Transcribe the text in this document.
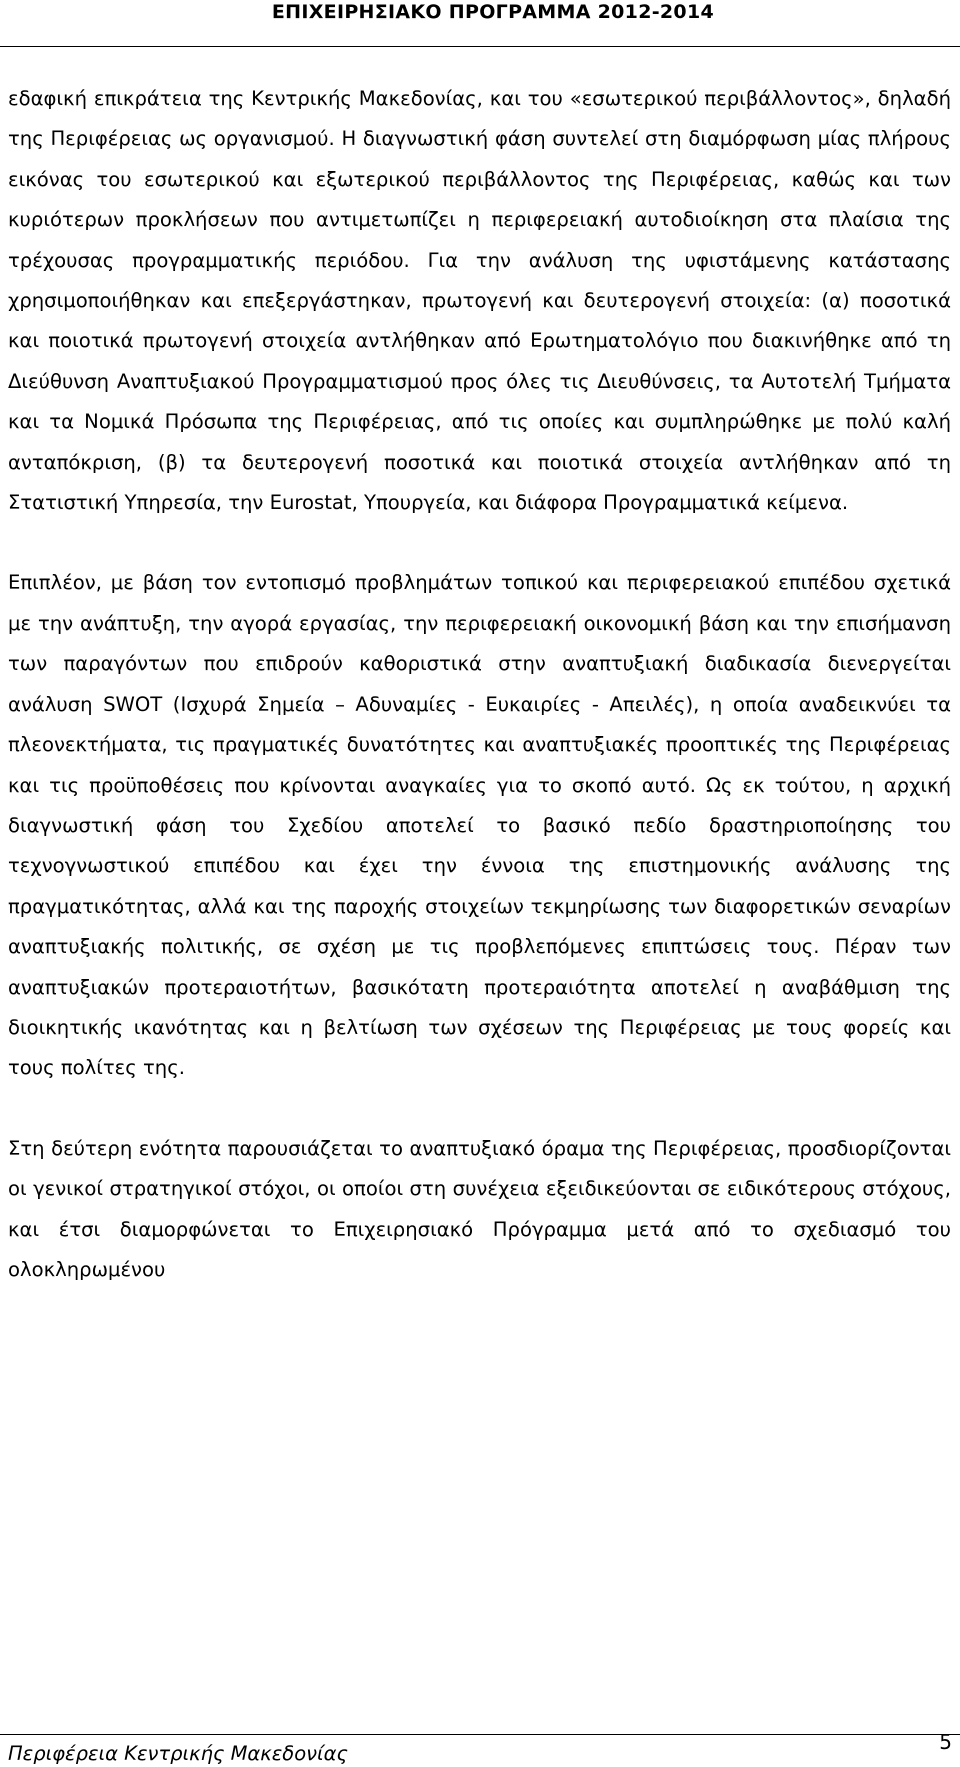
ΕΠΙΧΕΙΡΗΣΙΑΚΟ ΠΡΟΓΡΑΜΜΑ 2012-2014

εδαφική επικράτεια της Κεντρικής Μακεδονίας, και του «εσωτερικού περιβάλλοντος», δηλαδή της Περιφέρειας ως οργανισμού. Η διαγνωστική φάση συντελεί στη διαμόρφωση μίας πλήρους εικόνας του εσωτερικού και εξωτερικού περιβάλλοντος της Περιφέρειας, καθώς και των κυριότερων προκλήσεων που αντιμετωπίζει η περιφερειακή αυτοδιοίκηση στα πλαίσια της τρέχουσας προγραμματικής περιόδου. Για την ανάλυση της υφιστάμενης κατάστασης χρησιμοποιήθηκαν και επεξεργάστηκαν, πρωτογενή και δευτερογενή στοιχεία: (α) ποσοτικά και ποιοτικά πρωτογενή στοιχεία αντλήθηκαν από Ερωτηματολόγιο που διακινήθηκε από τη Διεύθυνση Αναπτυξιακού Προγραμματισμού προς όλες τις Διευθύνσεις, τα Αυτοτελή Τμήματα και τα Νομικά Πρόσωπα της Περιφέρειας, από τις οποίες και συμπληρώθηκε με πολύ καλή ανταπόκριση, (β) τα δευτερογενή ποσοτικά και ποιοτικά στοιχεία αντλήθηκαν από τη Στατιστική Υπηρεσία, την Eurostat, Υπουργεία, και διάφορα Προγραμματικά κείμενα.

Επιπλέον, με βάση τον εντοπισμό προβλημάτων τοπικού και περιφερειακού επιπέδου σχετικά με την ανάπτυξη, την αγορά εργασίας, την περιφερειακή οικονομική βάση και την επισήμανση των παραγόντων που επιδρούν καθοριστικά στην αναπτυξιακή διαδικασία διενεργείται ανάλυση SWOT (Ισχυρά Σημεία – Αδυναμίες - Ευκαιρίες - Απειλές), η οποία αναδεικνύει τα πλεονεκτήματα, τις πραγματικές δυνατότητες και αναπτυξιακές προοπτικές της Περιφέρειας και τις προϋποθέσεις που κρίνονται αναγκαίες για το σκοπό αυτό. Ως εκ τούτου, η αρχική διαγνωστική φάση του Σχεδίου αποτελεί το βασικό πεδίο δραστηριοποίησης του τεχνογνωστικού επιπέδου και έχει την έννοια της επιστημονικής ανάλυσης της πραγματικότητας, αλλά και της παροχής στοιχείων τεκμηρίωσης των διαφορετικών σεναρίων αναπτυξιακής πολιτικής, σε σχέση με τις προβλεπόμενες επιπτώσεις τους. Πέραν των αναπτυξιακών προτεραιοτήτων, βασικότατη προτεραιότητα αποτελεί η αναβάθμιση της διοικητικής ικανότητας και η βελτίωση των σχέσεων της Περιφέρειας με τους φορείς και τους πολίτες της.

Στη δεύτερη ενότητα παρουσιάζεται το αναπτυξιακό όραμα της Περιφέρειας, προσδιορίζονται οι γενικοί στρατηγικοί στόχοι, οι οποίοι στη συνέχεια εξειδικεύονται σε ειδικότερους στόχους, και έτσι διαμορφώνεται το Επιχειρησιακό Πρόγραμμα μετά από το σχεδιασμό του ολοκληρωμένου

Περιφέρεια Κεντρικής Μακεδονίας	5
